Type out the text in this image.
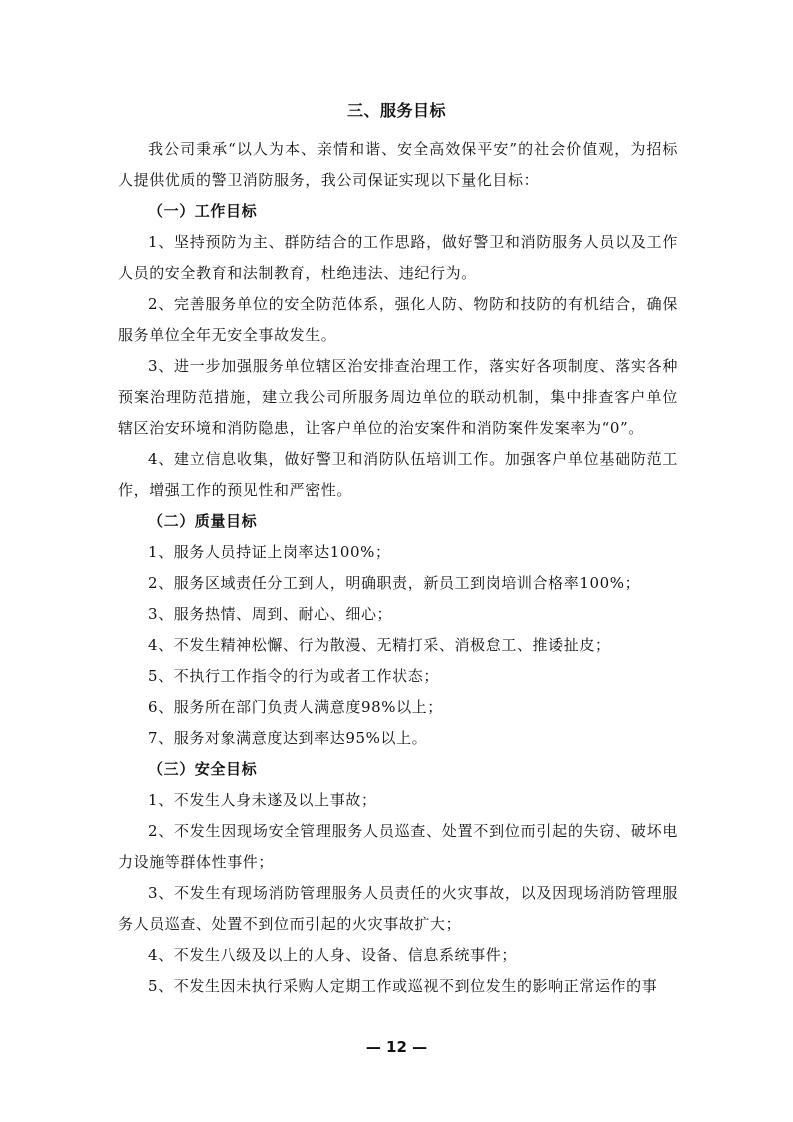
三、服务目标

我公司秉承“以人为本、亲情和谐、安全高效保平安”的社会价值观，为招标人提供优质的警卫消防服务，我公司保证实现以下量化目标：

（一）工作目标

1、坚持预防为主、群防结合的工作思路，做好警卫和消防服务人员以及工作人员的安全教育和法制教育，杜绝违法、违纪行为。

2、完善服务单位的安全防范体系，强化人防、物防和技防的有机结合，确保服务单位全年无安全事故发生。

3、进一步加强服务单位辖区治安排查治理工作，落实好各项制度、落实各种预案治理防范措施，建立我公司所服务周边单位的联动机制，集中排查客户单位辖区治安环境和消防隐患，让客户单位的治安案件和消防案件发案率为“0”。

4、建立信息收集，做好警卫和消防队伍培训工作。加强客户单位基础防范工作，增强工作的预见性和严密性。

（二）质量目标

1、服务人员持证上岗率达100%；

2、服务区域责任分工到人，明确职责，新员工到岗培训合格率100%；

3、服务热情、周到、耐心、细心；

4、不发生精神松懈、行为散漫、无精打采、消极怠工、推诿扯皮；

5、不执行工作指令的行为或者工作状态；

6、服务所在部门负责人满意度98%以上；

7、服务对象满意度达到率达95%以上。

（三）安全目标

1、不发生人身未遂及以上事故；

2、不发生因现场安全管理服务人员巡查、处置不到位而引起的失窃、破坏电力设施等群体性事件；

3、不发生有现场消防管理服务人员责任的火灾事故，以及因现场消防管理服务人员巡查、处置不到位而引起的火灾事故扩大；

4、不发生八级及以上的人身、设备、信息系统事件；

5、不发生因未执行采购人定期工作或巡视不到位发生的影响正常运作的事

— 12 —
